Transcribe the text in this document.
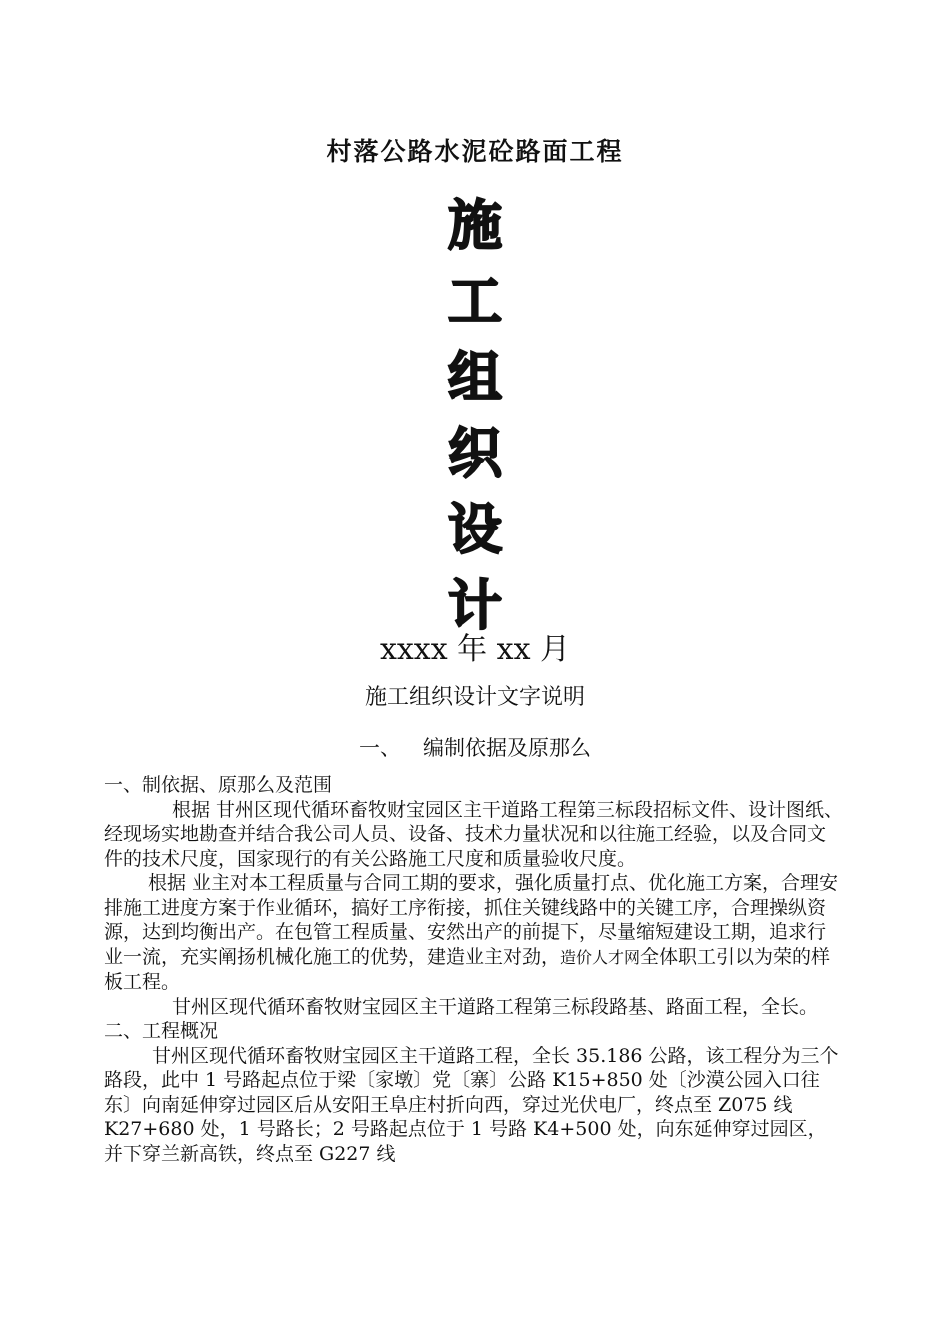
村落公路水泥砼路面工程
施
工
组
织
设
计
xxxx 年 xx 月
施工组织设计文字说明
一、 编制依据及原那么

一、制依据、原那么及范围

根据 甘州区现代循环畜牧财宝园区主干道路工程第三标段招标文件、设计图纸、经现场实地勘查并结合我公司人员、设备、技术力量状况和以往施工经验，以及合同文件的技术尺度，国家现行的有关公路施工尺度和质量验收尺度。

根据 业主对本工程质量与合同工期的要求，强化质量打点、优化施工方案，合理安排施工进度方案于作业循环，搞好工序衔接，抓住关键线路中的关键工序，合理操纵资源，达到均衡出产。在包管工程质量、安然出产的前提下，尽量缩短建设工期，追求行业一流，充实阐扬机械化施工的优势，建造业主对劲，造价人才网全体职工引以为荣的样板工程。

甘州区现代循环畜牧财宝园区主干道路工程第三标段路基、路面工程，全长。

二、工程概况

甘州区现代循环畜牧财宝园区主干道路工程，全长 35.186 公路，该工程分为三个路段，此中 1 号路起点位于梁〔家墩〕党〔寨〕公路 K15+850 处〔沙漠公园入口往东〕向南延伸穿过园区后从安阳王阜庄村折向西，穿过光伏电厂，终点至 Z075 线 K27+680 处，1 号路长；2 号路起点位于 1 号路 K4+500 处，向东延伸穿过园区，并下穿兰新高铁，终点至 G227 线
